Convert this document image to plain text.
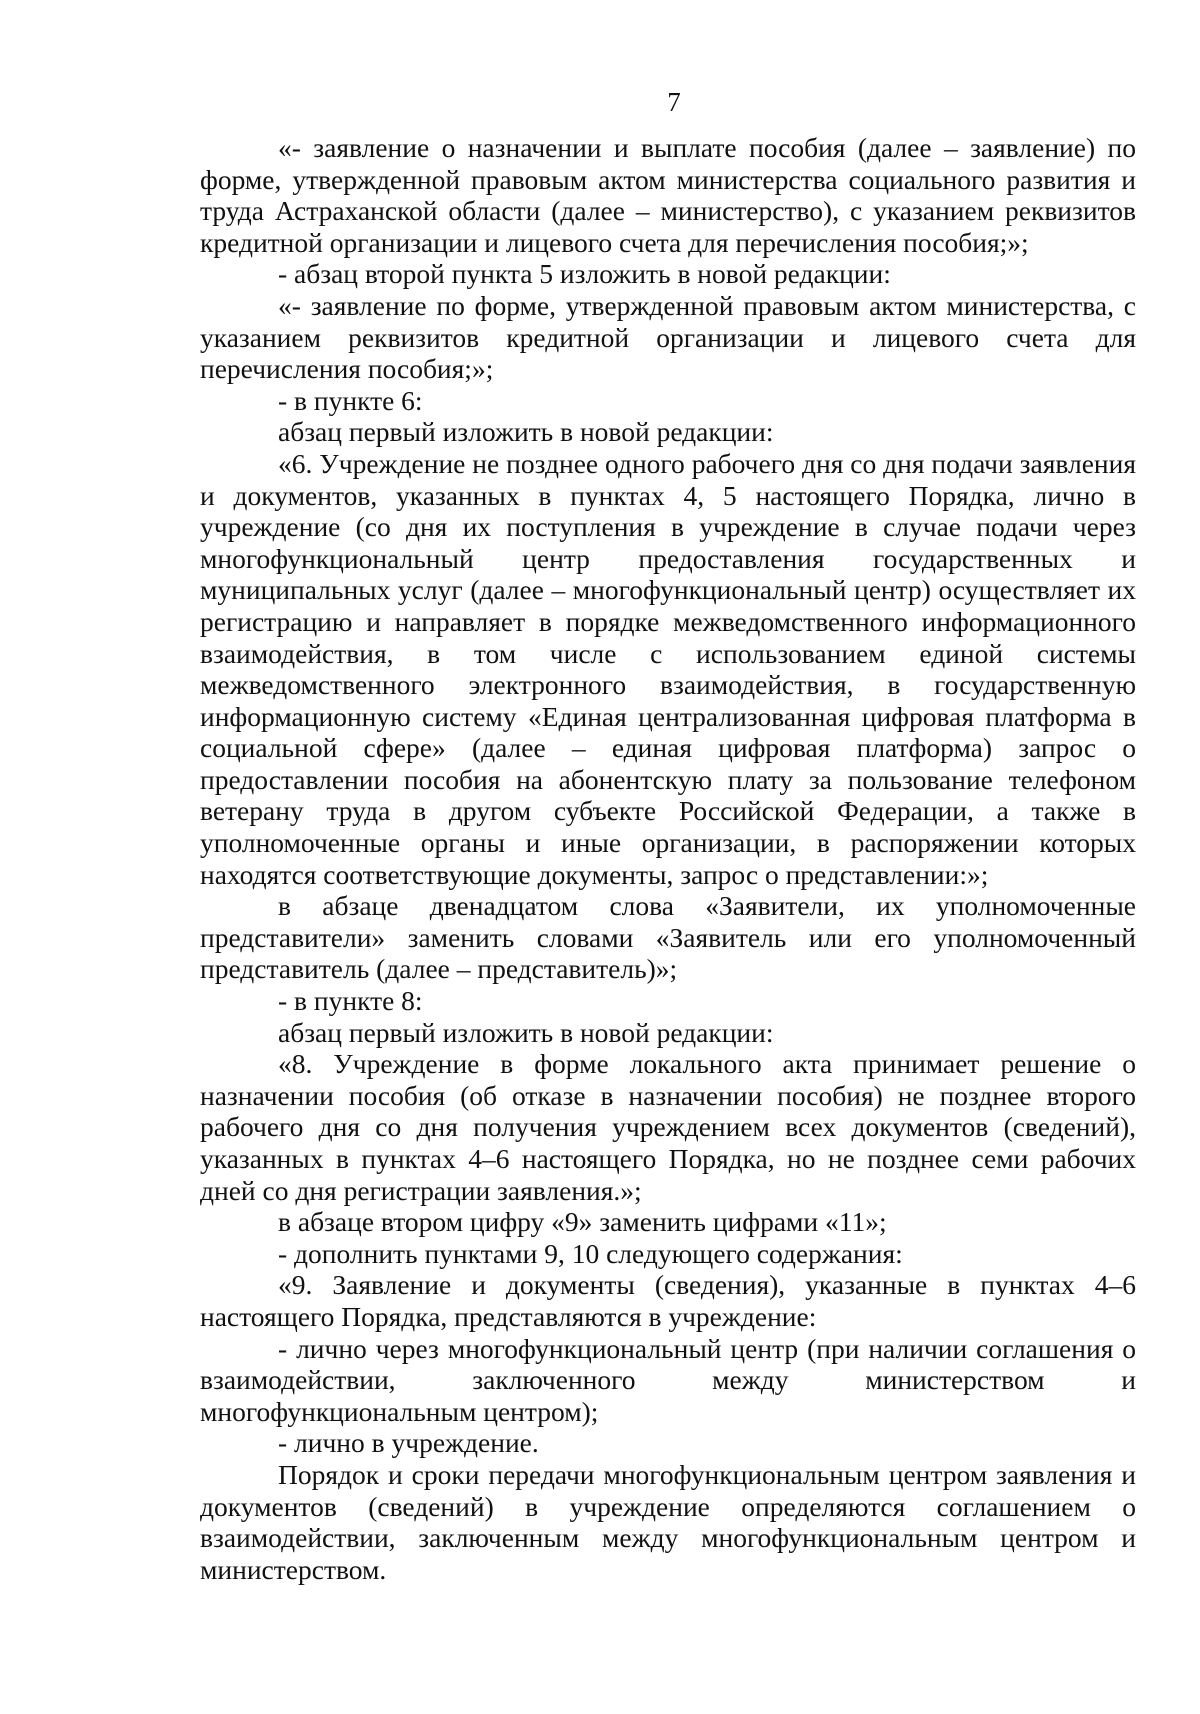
7

«- заявление о назначении и выплате пособия (далее – заявление) по форме, утвержденной правовым актом министерства социального развития и труда Астраханской области (далее – министерство), с указанием реквизитов кредитной организации и лицевого счета для перечисления пособия;»;

- абзац второй пункта 5 изложить в новой редакции:

«- заявление по форме, утвержденной правовым актом министерства, с указанием реквизитов кредитной организации и лицевого счета для перечисления пособия;»;

- в пункте 6:

абзац первый изложить в новой редакции:

«6. Учреждение не позднее одного рабочего дня со дня подачи заявления и документов, указанных в пунктах 4, 5 настоящего Порядка, лично в учреждение (со дня их поступления в учреждение в случае подачи через многофункциональный центр предоставления государственных и муниципальных услуг (далее – многофункциональный центр) осуществляет их регистрацию и направляет в порядке межведомственного информационного взаимодействия, в том числе с использованием единой системы межведомственного электронного взаимодействия, в государственную информационную систему «Единая централизованная цифровая платформа в социальной сфере» (далее – единая цифровая платформа) запрос о предоставлении пособия на абонентскую плату за пользование телефоном ветерану труда в другом субъекте Российской Федерации, а также в уполномоченные органы и иные организации, в распоряжении которых находятся соответствующие документы, запрос о представлении:»;

в абзаце двенадцатом слова «Заявители, их уполномоченные представители» заменить словами «Заявитель или его уполномоченный представитель (далее – представитель)»;

- в пункте 8:

абзац первый изложить в новой редакции:

«8. Учреждение в форме локального акта принимает решение о назначении пособия (об отказе в назначении пособия) не позднее второго рабочего дня со дня получения учреждением всех документов (сведений), указанных в пунктах 4–6 настоящего Порядка, но не позднее семи рабочих дней со дня регистрации заявления.»;

в абзаце втором цифру «9» заменить цифрами «11»;

- дополнить пунктами 9, 10 следующего содержания:

«9. Заявление и документы (сведения), указанные в пунктах 4–6 настоящего Порядка, представляются в учреждение:

- лично через многофункциональный центр (при наличии соглашения о взаимодействии, заключенного между министерством и многофункциональным центром);

- лично в учреждение.

Порядок и сроки передачи многофункциональным центром заявления и документов (сведений) в учреждение определяются соглашением о взаимодействии, заключенным между многофункциональным центром и министерством.
